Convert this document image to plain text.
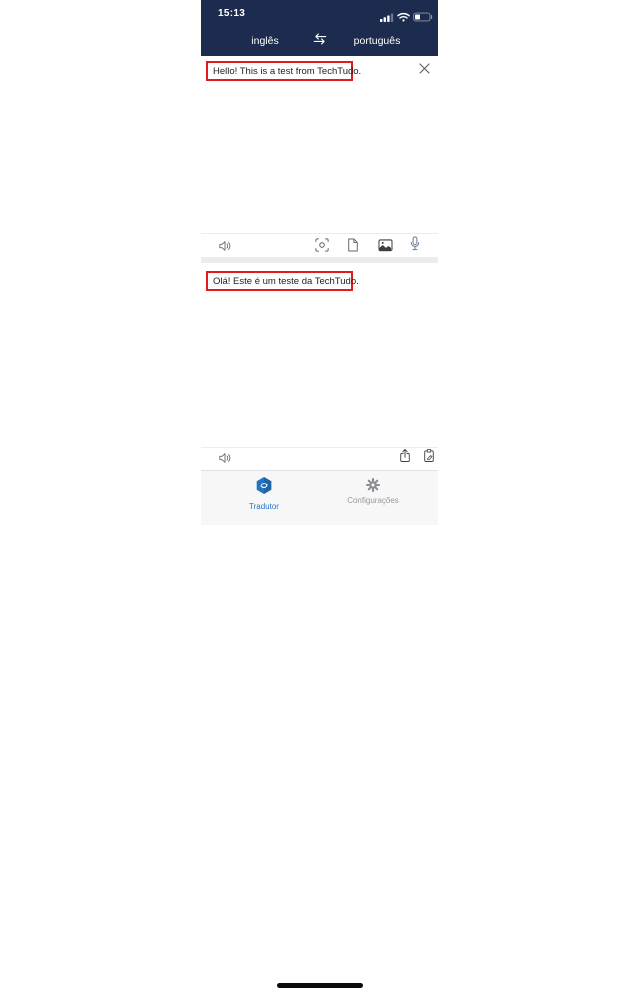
15:13
inglês	português
Hello! This is a test from TechTudo.
Olá! Este é um teste da TechTudo.
Tradutor
Configurações
